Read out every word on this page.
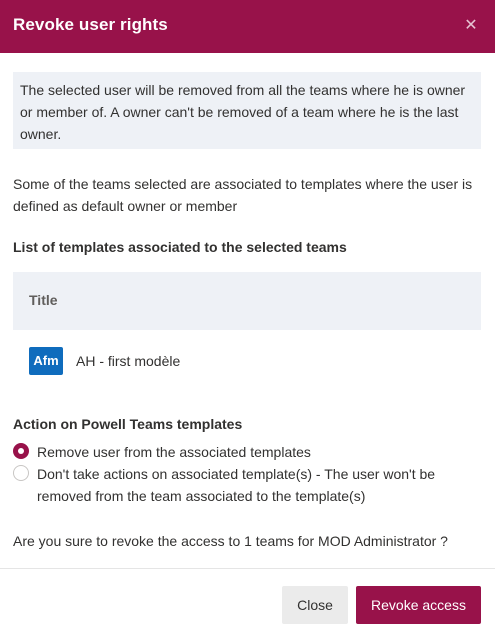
Revoke user rights	✕
The selected user will be removed from all the teams where he is owner or member of. A owner can't be removed of a team where he is the last owner.
Some of the teams selected are associated to templates where the user is defined as default owner or member
List of templates associated to the selected teams
Title
Afm	AH - first modèle
Action on Powell Teams templates
Remove user from the associated templates
Don't take actions on associated template(s) - The user won't be removed from the team associated to the template(s)
Are you sure to revoke the access to 1 teams for MOD Administrator ?
Close	Revoke access
